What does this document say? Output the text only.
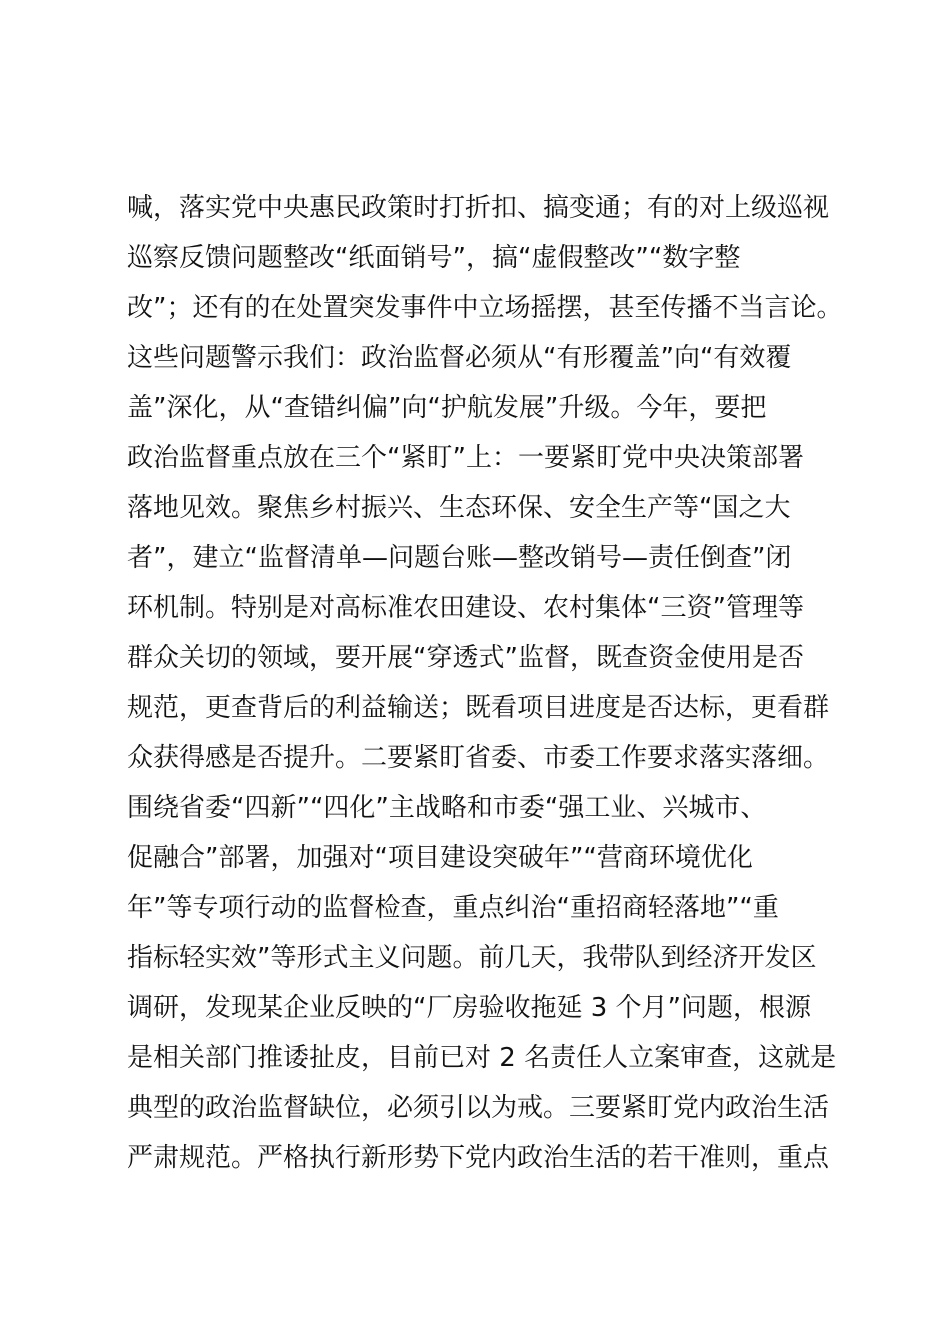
喊，落实党中央惠民政策时打折扣、搞变通；有的对上级巡视
巡察反馈问题整改“纸面销号”，搞“虚假整改”“数字整
改”；还有的在处置突发事件中立场摇摆，甚至传播不当言论。
这些问题警示我们：政治监督必须从“有形覆盖”向“有效覆
盖”深化，从“查错纠偏”向“护航发展”升级。今年，要把
政治监督重点放在三个“紧盯”上：一要紧盯党中央决策部署
落地见效。聚焦乡村振兴、生态环保、安全生产等“国之大
者”，建立“监督清单—问题台账—整改销号—责任倒查”闭
环机制。特别是对高标准农田建设、农村集体“三资”管理等
群众关切的领域，要开展“穿透式”监督，既查资金使用是否
规范，更查背后的利益输送；既看项目进度是否达标，更看群
众获得感是否提升。二要紧盯省委、市委工作要求落实落细。
围绕省委“四新”“四化”主战略和市委“强工业、兴城市、
促融合”部署，加强对“项目建设突破年”“营商环境优化
年”等专项行动的监督检查，重点纠治“重招商轻落地”“重
指标轻实效”等形式主义问题。前几天，我带队到经济开发区
调研，发现某企业反映的“厂房验收拖延 3 个月”问题，根源
是相关部门推诿扯皮，目前已对 2 名责任人立案审查，这就是
典型的政治监督缺位，必须引以为戒。三要紧盯党内政治生活
严肃规范。严格执行新形势下党内政治生活的若干准则，重点
